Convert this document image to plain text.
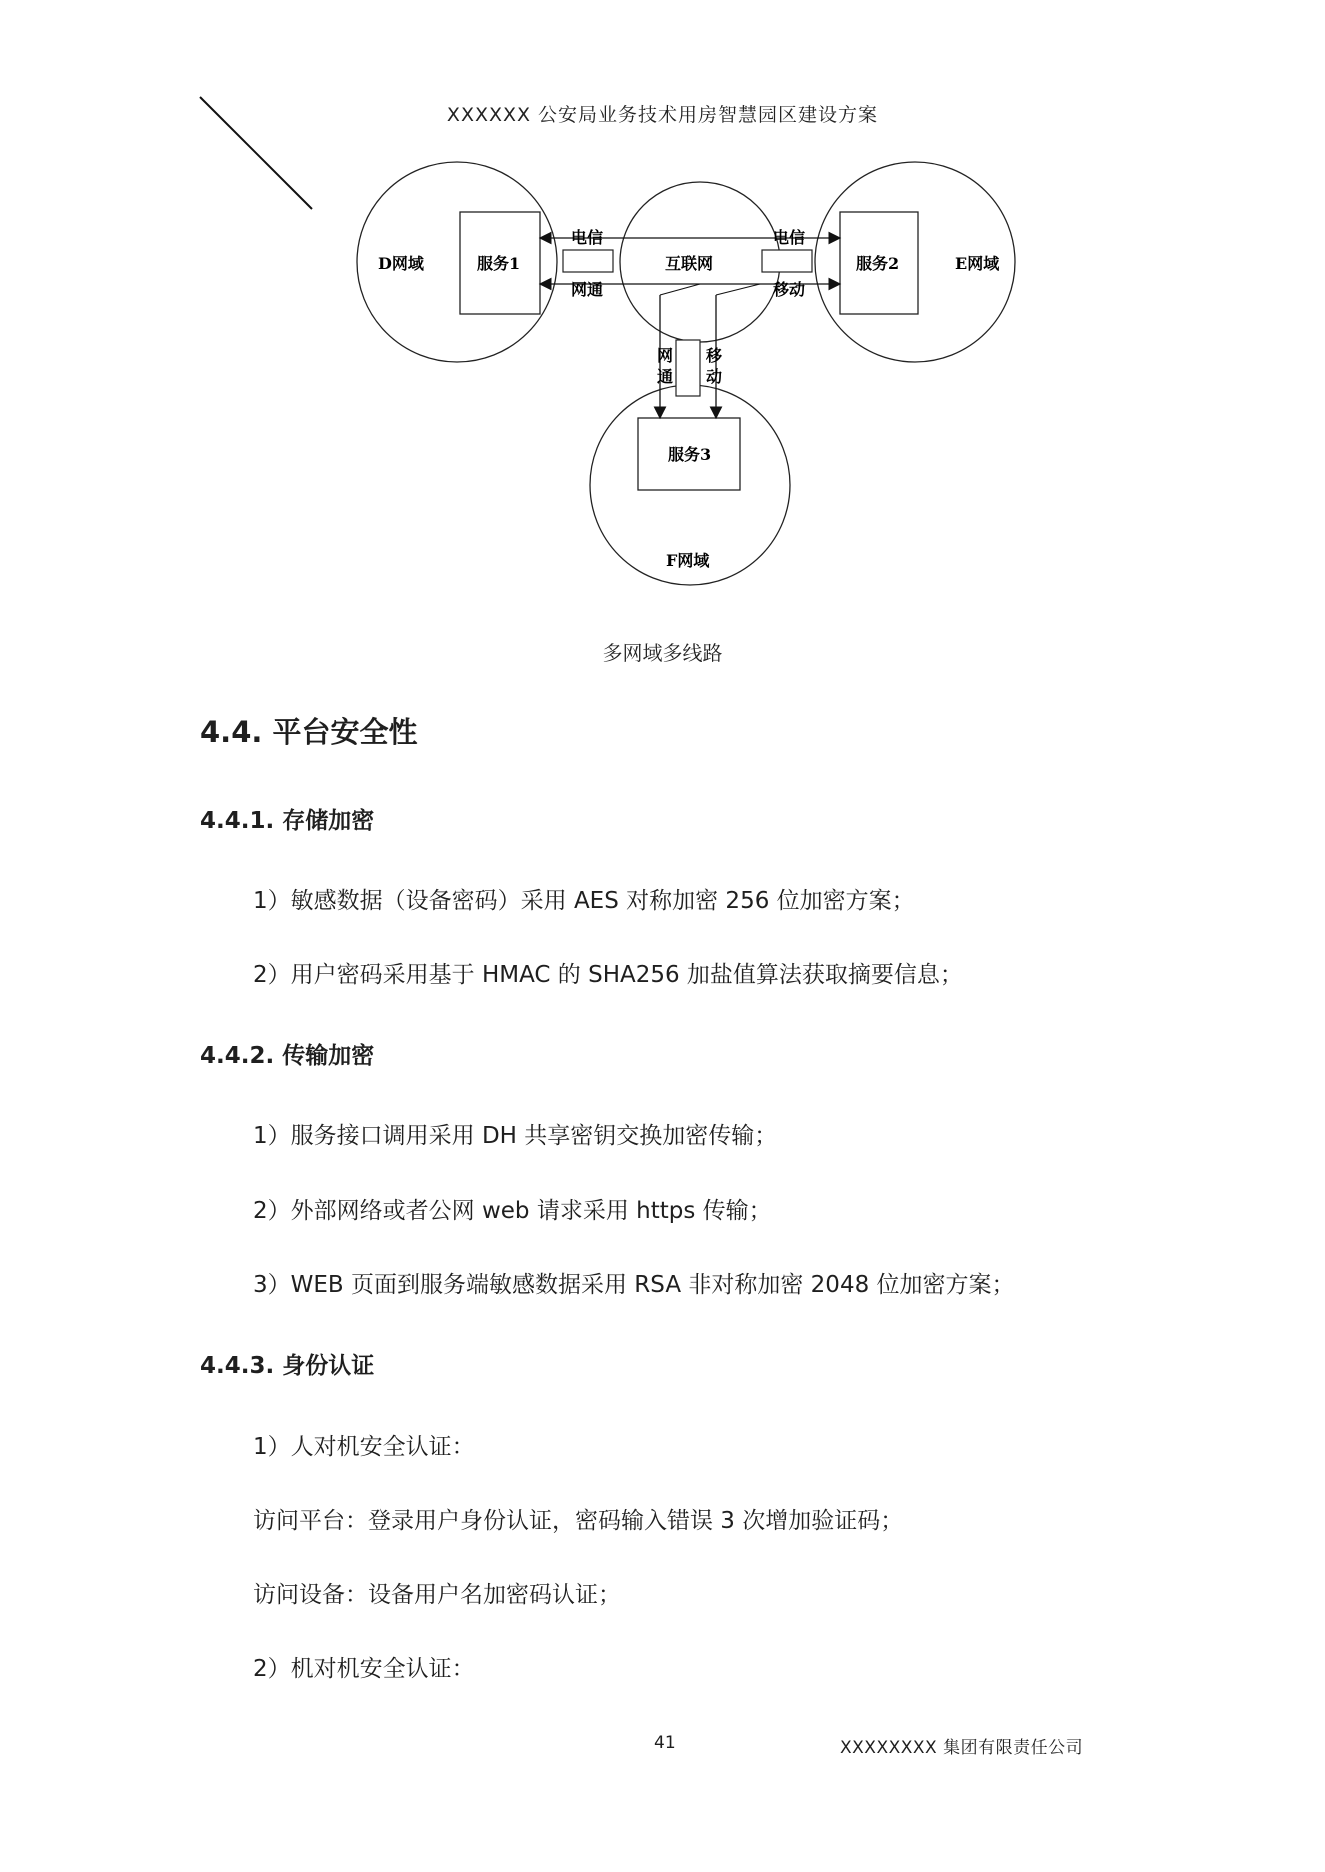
XXXXXX 公安局业务技术用房智慧园区建设方案
D网域	E网域
F网域
服务1	服务2
服务3
互联网
电信
网通
电信
移动
网
通
移
动
多网域多线路
4.4. 平台安全性
4.4.1. 存储加密
1）敏感数据（设备密码）采用 AES 对称加密 256 位加密方案；
2）用户密码采用基于 HMAC 的 SHA256 加盐值算法获取摘要信息；
4.4.2. 传输加密
1）服务接口调用采用 DH 共享密钥交换加密传输；
2）外部网络或者公网 web 请求采用 https 传输；
3）WEB 页面到服务端敏感数据采用 RSA 非对称加密 2048 位加密方案；
4.4.3. 身份认证
1）人对机安全认证：
访问平台：登录用户身份认证，密码输入错误 3 次增加验证码；
访问设备：设备用户名加密码认证；
2）机对机安全认证：
41	XXXXXXXX 集团有限责任公司
